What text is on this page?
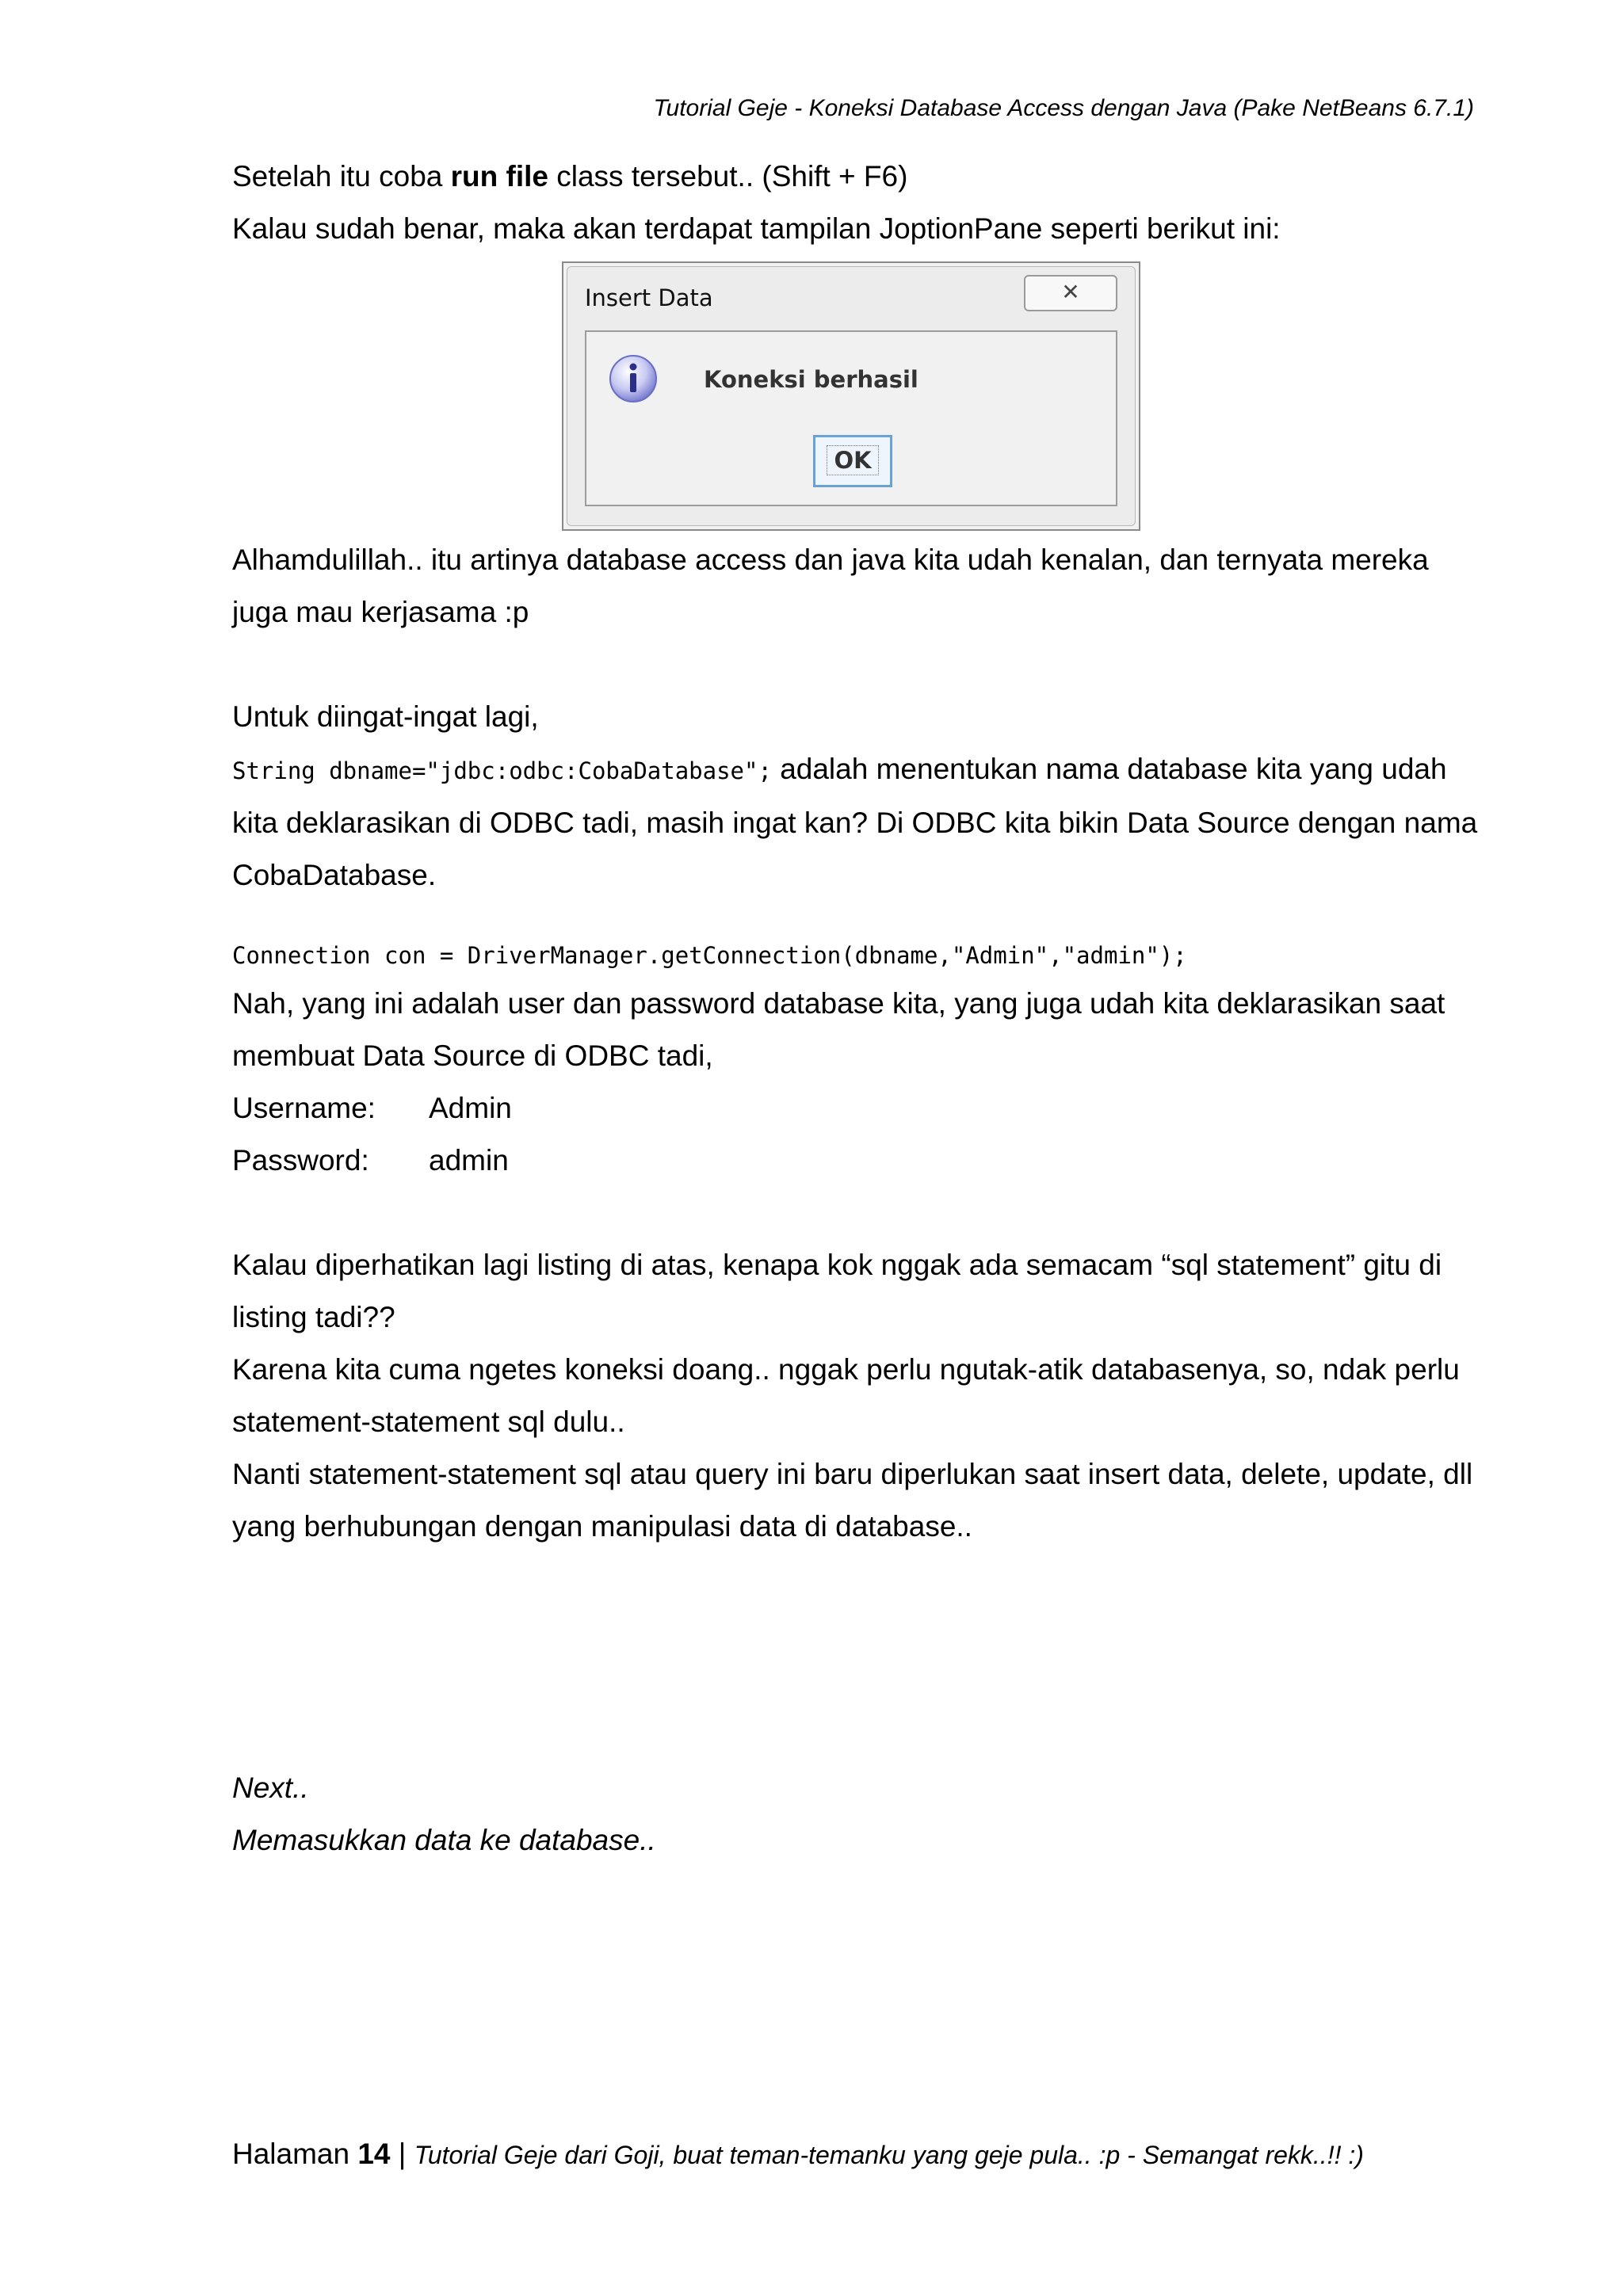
Tutorial Geje - Koneksi Database Access dengan Java (Pake NetBeans 6.7.1)

Setelah itu coba run file class tersebut.. (Shift + F6)

Kalau sudah benar, maka akan terdapat tampilan JoptionPane seperti berikut ini:

Insert Data	✕
Koneksi berhasil
OK

Alhamdulillah.. itu artinya database access dan java kita udah kenalan, dan ternyata mereka juga mau kerjasama :p

Untuk diingat-ingat lagi,

String dbname="jdbc:odbc:CobaDatabase"; adalah menentukan nama database kita yang udah kita deklarasikan di ODBC tadi, masih ingat kan? Di ODBC kita bikin Data Source dengan nama CobaDatabase.

Connection con = DriverManager.getConnection(dbname,"Admin","admin");

Nah, yang ini adalah user dan password database kita, yang juga udah kita deklarasikan saat membuat Data Source di ODBC tadi,

Username:	Admin
Password:	admin

Kalau diperhatikan lagi listing di atas, kenapa kok nggak ada semacam “sql statement” gitu di listing tadi??

Karena kita cuma ngetes koneksi doang.. nggak perlu ngutak-atik databasenya, so, ndak perlu statement-statement sql dulu..

Nanti statement-statement sql atau query ini baru diperlukan saat insert data, delete, update, dll yang berhubungan dengan manipulasi data di database..

Next..

Memasukkan data ke database..

Halaman 14 | Tutorial Geje dari Goji, buat teman-temanku yang geje pula.. :p - Semangat rekk..!! :)
